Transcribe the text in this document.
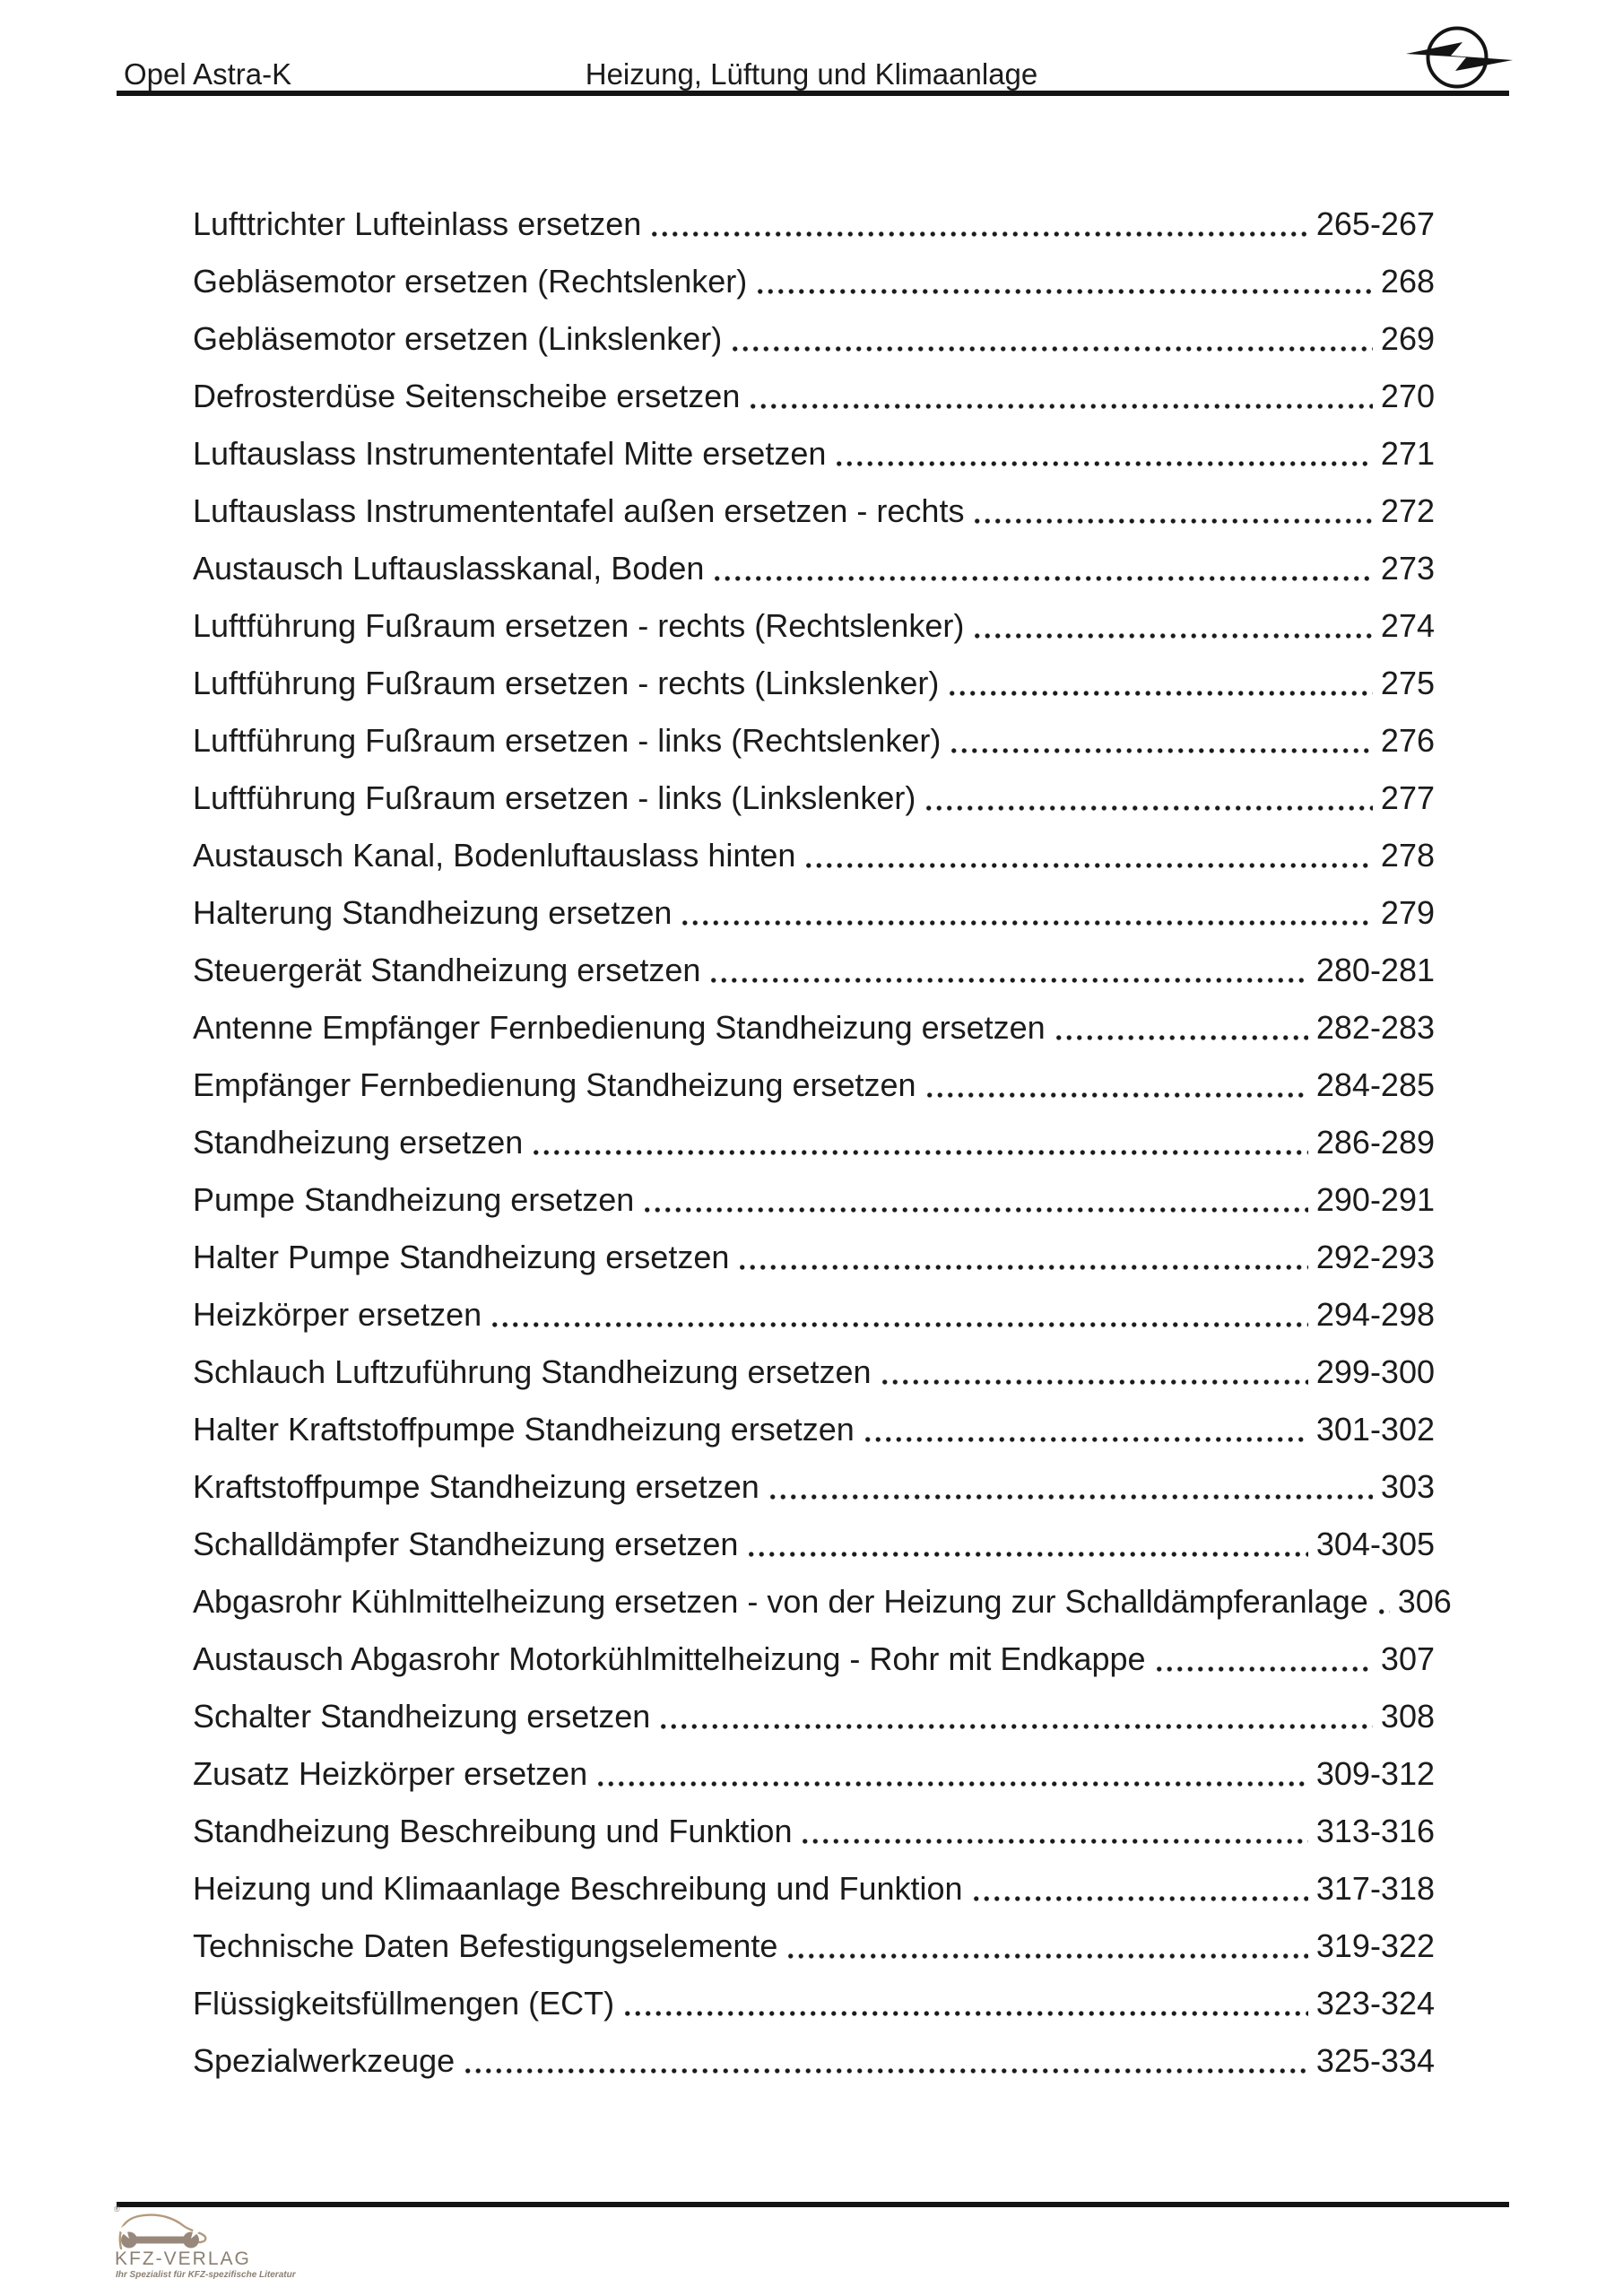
Opel Astra-K	Heizung, Lüftung und Klimaanlage
Lufttrichter Lufteinlass ersetzen	265-267
Gebläsemotor ersetzen (Rechtslenker)	268
Gebläsemotor ersetzen (Linkslenker)	269
Defrosterdüse Seitenscheibe ersetzen	270
Luftauslass Instrumententafel Mitte ersetzen	271
Luftauslass Instrumententafel außen ersetzen - rechts	272
Austausch Luftauslasskanal, Boden	273
Luftführung Fußraum ersetzen - rechts (Rechtslenker)	274
Luftführung Fußraum ersetzen - rechts (Linkslenker)	275
Luftführung Fußraum ersetzen - links (Rechtslenker)	276
Luftführung Fußraum ersetzen - links (Linkslenker)	277
Austausch Kanal, Bodenluftauslass hinten	278
Halterung Standheizung ersetzen	279
Steuergerät Standheizung ersetzen	280-281
Antenne Empfänger Fernbedienung Standheizung ersetzen	282-283
Empfänger Fernbedienung Standheizung ersetzen	284-285
Standheizung ersetzen	286-289
Pumpe Standheizung ersetzen	290-291
Halter Pumpe Standheizung ersetzen	292-293
Heizkörper ersetzen	294-298
Schlauch Luftzuführung Standheizung ersetzen	299-300
Halter Kraftstoffpumpe Standheizung ersetzen	301-302
Kraftstoffpumpe Standheizung ersetzen	303
Schalldämpfer Standheizung ersetzen	304-305
Abgasrohr Kühlmittelheizung ersetzen - von der Heizung zur Schalldämpferanlage 306
Austausch Abgasrohr Motorkühlmittelheizung - Rohr mit Endkappe	307
Schalter Standheizung ersetzen	308
Zusatz Heizkörper ersetzen	309-312
Standheizung Beschreibung und Funktion	313-316
Heizung und Klimaanlage Beschreibung und Funktion	317-318
Technische Daten Befestigungselemente	319-322
Flüssigkeitsfüllmengen (ECT)	323-324
Spezialwerkzeuge	325-334
®
KFZ-VERLAG
Ihr Spezialist für KFZ-spezifische Literatur
